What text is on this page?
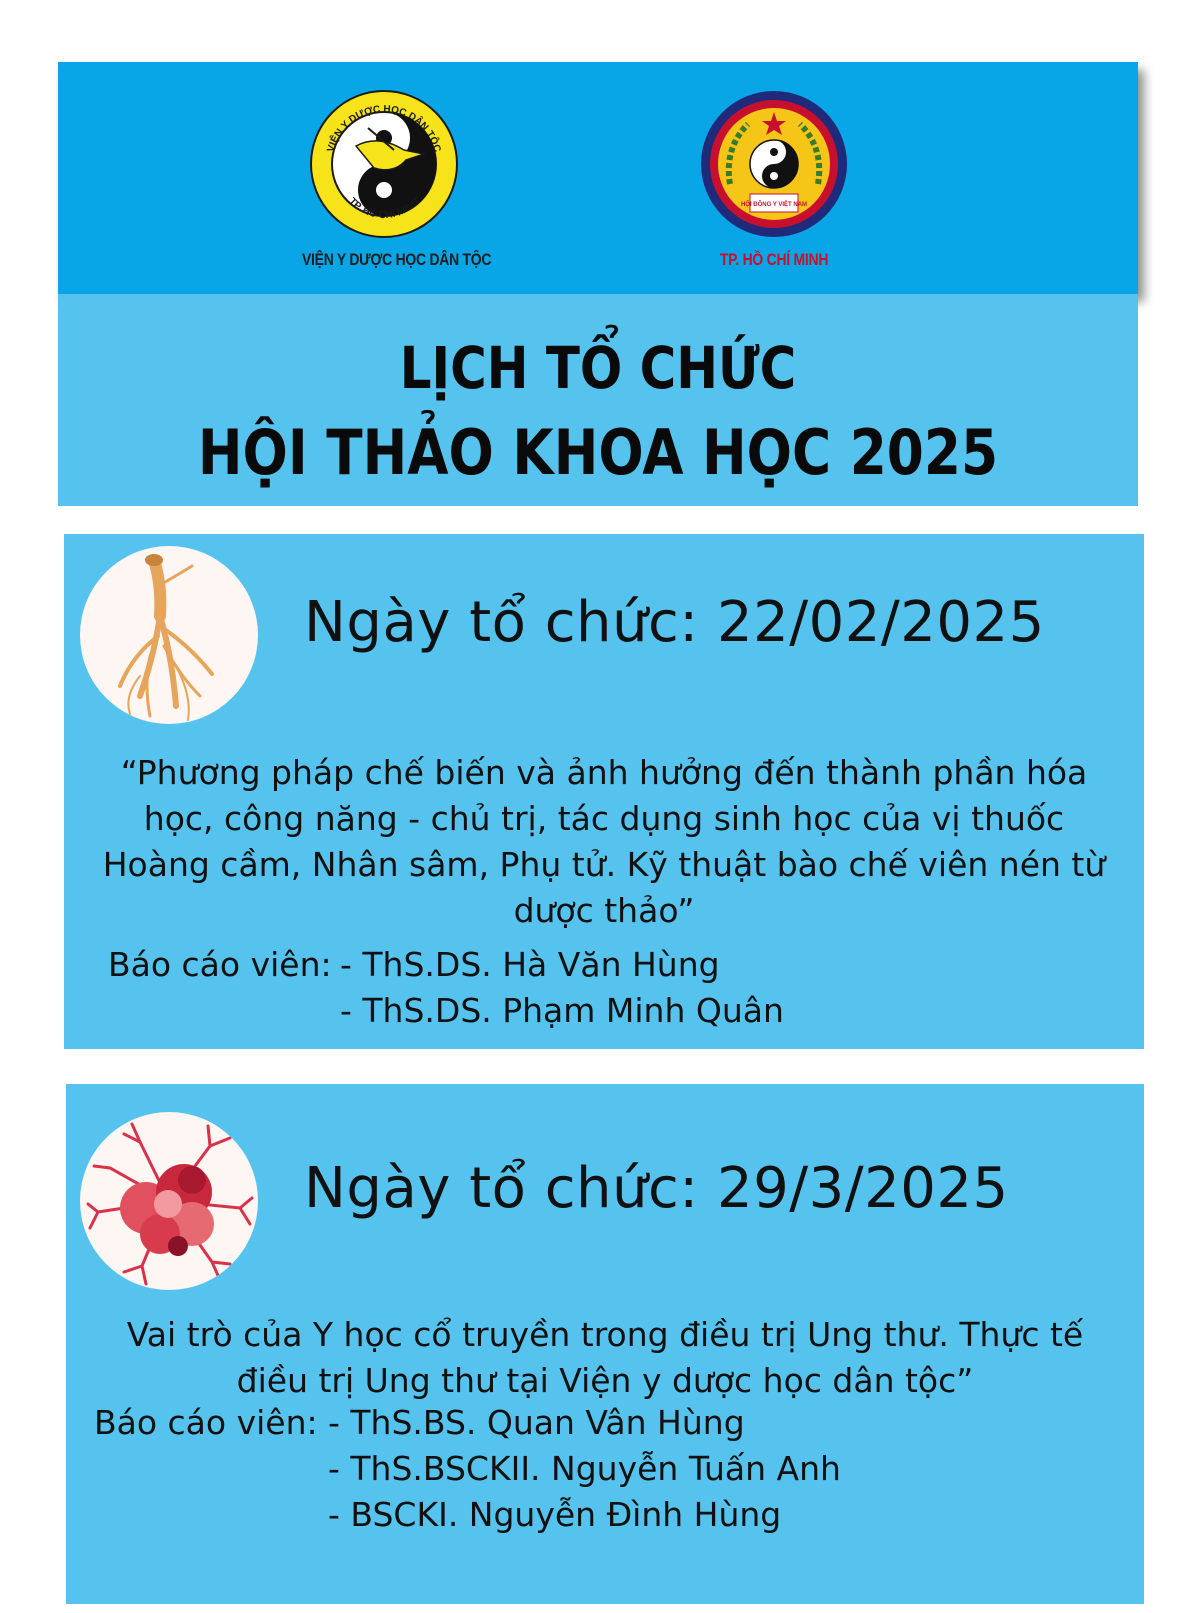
VIỆN Y DƯỢC HỌC DÂN TỘC
TP. HỒ CHÍ MINH
VIỆN Y DƯỢC HỌC DÂN TỘC
HỘI ĐÔNG Y VIỆT NAM
TP. HỒ CHÍ MINH
LỊCH TỔ CHỨC
HỘI THẢO KHOA HỌC 2025
Ngày tổ chức: 22/02/2025
“Phương pháp chế biến và ảnh hưởng đến thành phần hóa
học, công năng - chủ trị, tác dụng sinh học của vị thuốc
Hoàng cầm, Nhân sâm, Phụ tử. Kỹ thuật bào chế viên nén từ
dược thảo”
Báo cáo viên: - ThS.DS. Hà Văn Hùng
- ThS.DS. Phạm Minh Quân
Ngày tổ chức: 29/3/2025
Vai trò của Y học cổ truyền trong điều trị Ung thư. Thực tế
điều trị Ung thư tại Viện y dược học dân tộc”
Báo cáo viên: - ThS.BS. Quan Vân Hùng
- ThS.BSCKII. Nguyễn Tuấn Anh
- BSCKI. Nguyễn Đình Hùng
